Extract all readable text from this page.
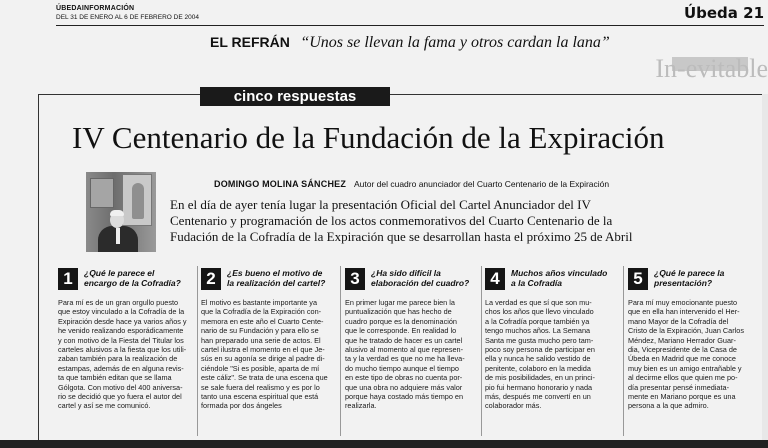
ÚBEDAINFORMACIÓN
DEL 31 DE ENERO AL 6 DE FEBRERO DE 2004	Úbeda 21
EL REFRÁN “Unos se llevan la fama y otros cardan la lana”
In-evitable
cinco respuestas
IV Centenario de la Fundación de la Expiración
DOMINGO MOLINA SÁNCHEZ Autor del cuadro anunciador del Cuarto Centenario de la Expiración
En el día de ayer tenía lugar la presentación Oficial del Cartel Anunciador del IV
Centenario y programación de los actos conmemorativos del Cuarto Centenario de la
Fudación de la Cofradía de la Expiración que se desarrollan hasta el próximo 25 de Abril
1	¿Qué le parece el
encargo de la Cofradía?
Para mí es de un gran orgullo puesto
que estoy vinculado a la Cofradía de la
Expiración desde hace ya varios años y
he venido realizando esporádicamente
y con motivo de la Fiesta del Titular los
carteles alusivos a la fiesta que los utili-
zaban también para la realización de
estampas, además de en alguna revis-
ta que también editan que se llama
Gólgota. Con motivo del 400 aniversa-
rio se decidió que yo fuera el autor del
cartel y así se me comunicó.
2	¿Es bueno el motivo de
la realización del cartel?
El motivo es bastante importante ya
que la Cofradía de la Expiración con-
memora en este año el Cuarto Cente-
nario de su Fundación y para ello se
han preparado una serie de actos. El
cartel ilustra el momento en el que Je-
sús en su agonía se dirige al padre di-
ciéndole "Si es posible, aparta de mí
este cáliz". Se trata de una escena que
se sale fuera del realismo y es por lo
tanto una escena espiritual que está
formada por dos ángeles
3	¿Ha sido difícil la
elaboración del cuadro?
En primer lugar me parece bien la
puntualización que has hecho de
cuadro porque es la denominación
que le corresponde. En realidad lo
que he tratado de hacer es un cartel
alusivo al momento al que represen-
ta y la verdad es que no me ha lleva-
do mucho tiempo aunque el tiempo
en este tipo de obras no cuenta por-
que una obra no adquiere más valor
porque haya costado más tiempo en
realizarla.
4	Muchos años vinculado
a la Cofradía
La verdad es que sí que son mu-
chos los años que llevo vinculado
a la Cofradía porque también ya
tengo muchos años. La Semana
Santa me gusta mucho pero tam-
poco soy persona de participar en
ella y nunca he salido vestido de
penitente, colaboro en la medida
de mis posibilidades, en un princi-
pio fui hermano honorario y nada
más, después me convertí en un
colaborador más.
5	¿Qué le parece la
presentación?
Para mí muy emocionante puesto
que en ella han intervenido el Her-
mano Mayor de la Cofradía del
Cristo de la Expiración, Juan Carlos
Méndez, Mariano Herrador Guar-
dia, Vicepresidente de la Casa de
Úbeda en Madrid que me conoce
muy bien es un amigo entrañable y
al decirme ellos que quien me po-
día presentar pensé inmediata-
mente en Mariano porque es una
persona a la que admiro.
